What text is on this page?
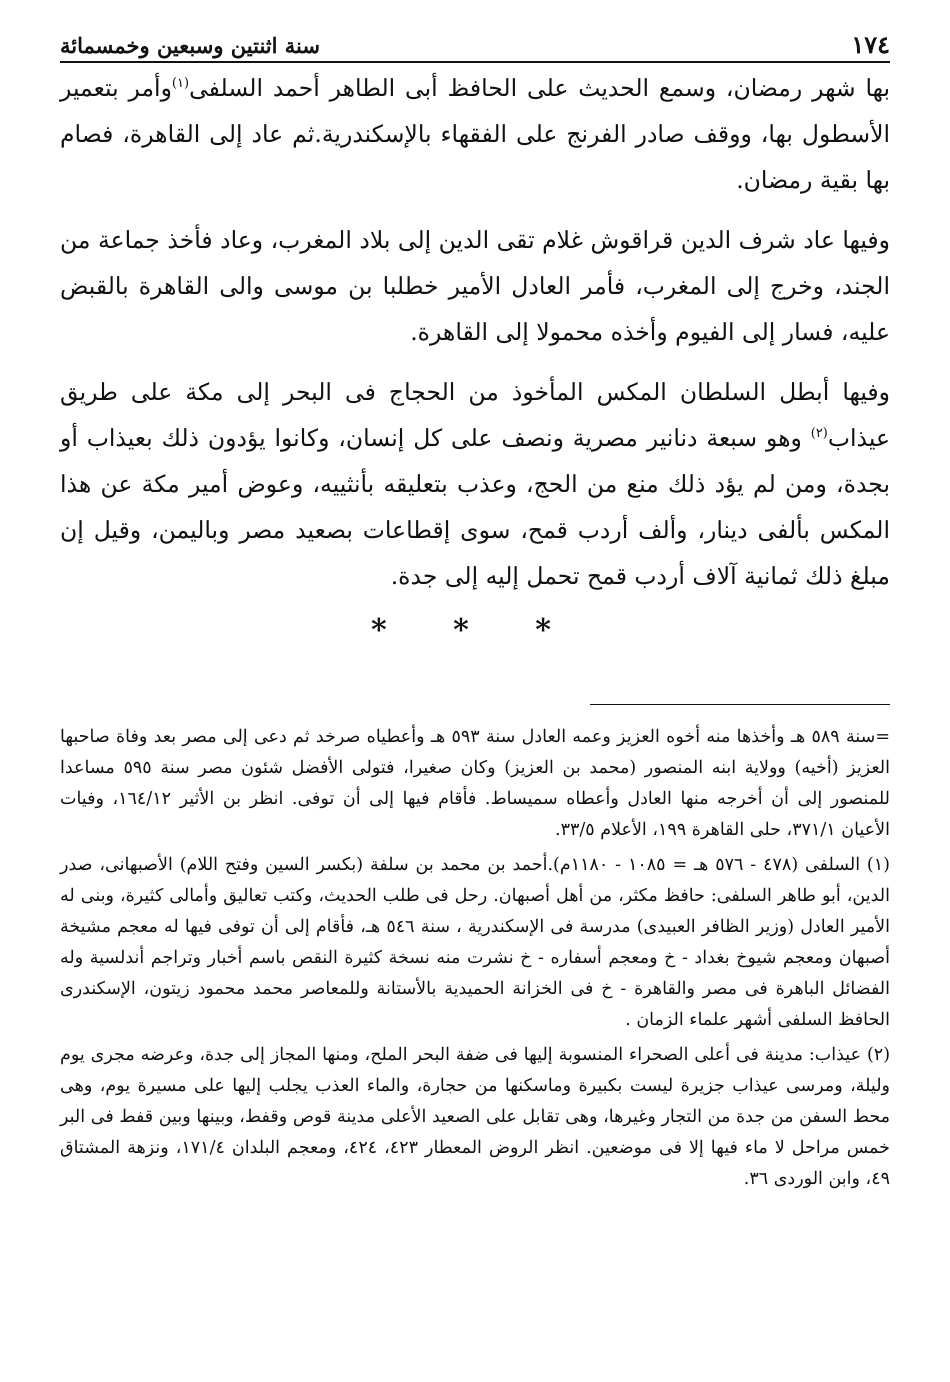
١٧٤
سنة اثنتين وسبعين وخمسمائة

بها شهر رمضان، وسمع الحديث على الحافظ أبى الطاهر أحمد السلفى$^{(١)}$وأمر بتعمير الأسطول بها، ووقف صادر الفرنج على الفقهاء بالإسكندرية.ثم عاد إلى القاهرة، فصام بها بقية رمضان.

وفيها عاد شرف الدين قراقوش غلام تقى الدين إلى بلاد المغرب، وعاد فأخذ جماعة من الجند، وخرج إلى المغرب، فأمر العادل الأمير خطلبا بن موسى والى القاهرة بالقبض عليه، فسار إلى الفيوم وأخذه محمولا إلى القاهرة.

وفيها أبطل السلطان المكس المأخوذ من الحجاج فى البحر إلى مكة على طريق عيذاب$^{(٢)}$ وهو سبعة دنانير مصرية ونصف على كل إنسان، وكانوا يؤدون ذلك بعيذاب أو بجدة، ومن لم يؤد ذلك منع من الحج، وعذب بتعليقه بأنثييه، وعوض أمير مكة عن هذا المكس بألفى دينار، وألف أردب قمح، سوى إقطاعات بصعيد مصر وباليمن، وقيل إن مبلغ ذلك ثمانية آلاف أردب قمح تحمل إليه إلى جدة.

* * *

=سنة ٥٨٩ هـ وأخذها منه أخوه العزيز وعمه العادل سنة ٥٩٣ هـ وأعطياه صرخد ثم دعى إلى مصر بعد وفاة صاحبها العزيز (أخيه) وولاية ابنه المنصور (محمد بن العزيز) وكان صغيرا، فتولى الأفضل شئون مصر سنة ٥٩٥ مساعدا للمنصور إلى أن أخرجه منها العادل وأعطاه سميساط. فأقام فيها إلى أن توفى. انظر بن الأثير ١٦٤/١٢، وفيات الأعيان ٣٧١/١، حلى القاهرة ١٩٩، الأعلام ٣٣/٥.

(١) السلفى (٤٧٨ - ٥٧٦ هـ = ١٠٨٥ - ١١٨٠م).أحمد بن محمد بن سلفة (بكسر السين وفتح اللام) الأصبهانى، صدر الدين، أبو طاهر السلفى: حافظ مكثر، من أهل أصبهان. رحل فى طلب الحديث، وكتب تعاليق وأمالى كثيرة، وبنى له الأمير العادل (وزير الظافر العبيدى) مدرسة فى الإسكندرية ، سنة ٥٤٦ هـ، فأقام إلى أن توفى فيها له معجم مشيخة أصبهان ومعجم شيوخ بغداد - خ ومعجم أسفاره - خ نشرت منه نسخة كثيرة النقص باسم أخبار وتراجم أندلسية وله الفضائل الباهرة فى مصر والقاهرة - خ فى الخزانة الحميدية بالأستانة وللمعاصر محمد محمود زيتون، الإسكندرى الحافظ السلفى أشهر علماء الزمان .

(٢) عيذاب: مدينة فى أعلى الصحراء المنسوبة إليها فى ضفة البحر الملح، ومنها المجاز إلى جدة، وعرضه مجرى يوم وليلة، ومرسى عيذاب جزيرة ليست بكبيرة وماسكنها من حجارة، والماء العذب يجلب إليها على مسيرة يوم، وهى محط السفن من جدة من التجار وغيرها، وهى تقابل على الصعيد الأعلى مدينة قوص وقفط، وبينها وبين قفط فى البر خمس مراحل لا ماء فيها إلا فى موضعين. انظر الروض المعطار ٤٢٣، ٤٢٤، ومعجم البلدان ١٧١/٤، ونزهة المشتاق ٤٩، وابن الوردى ٣٦.
